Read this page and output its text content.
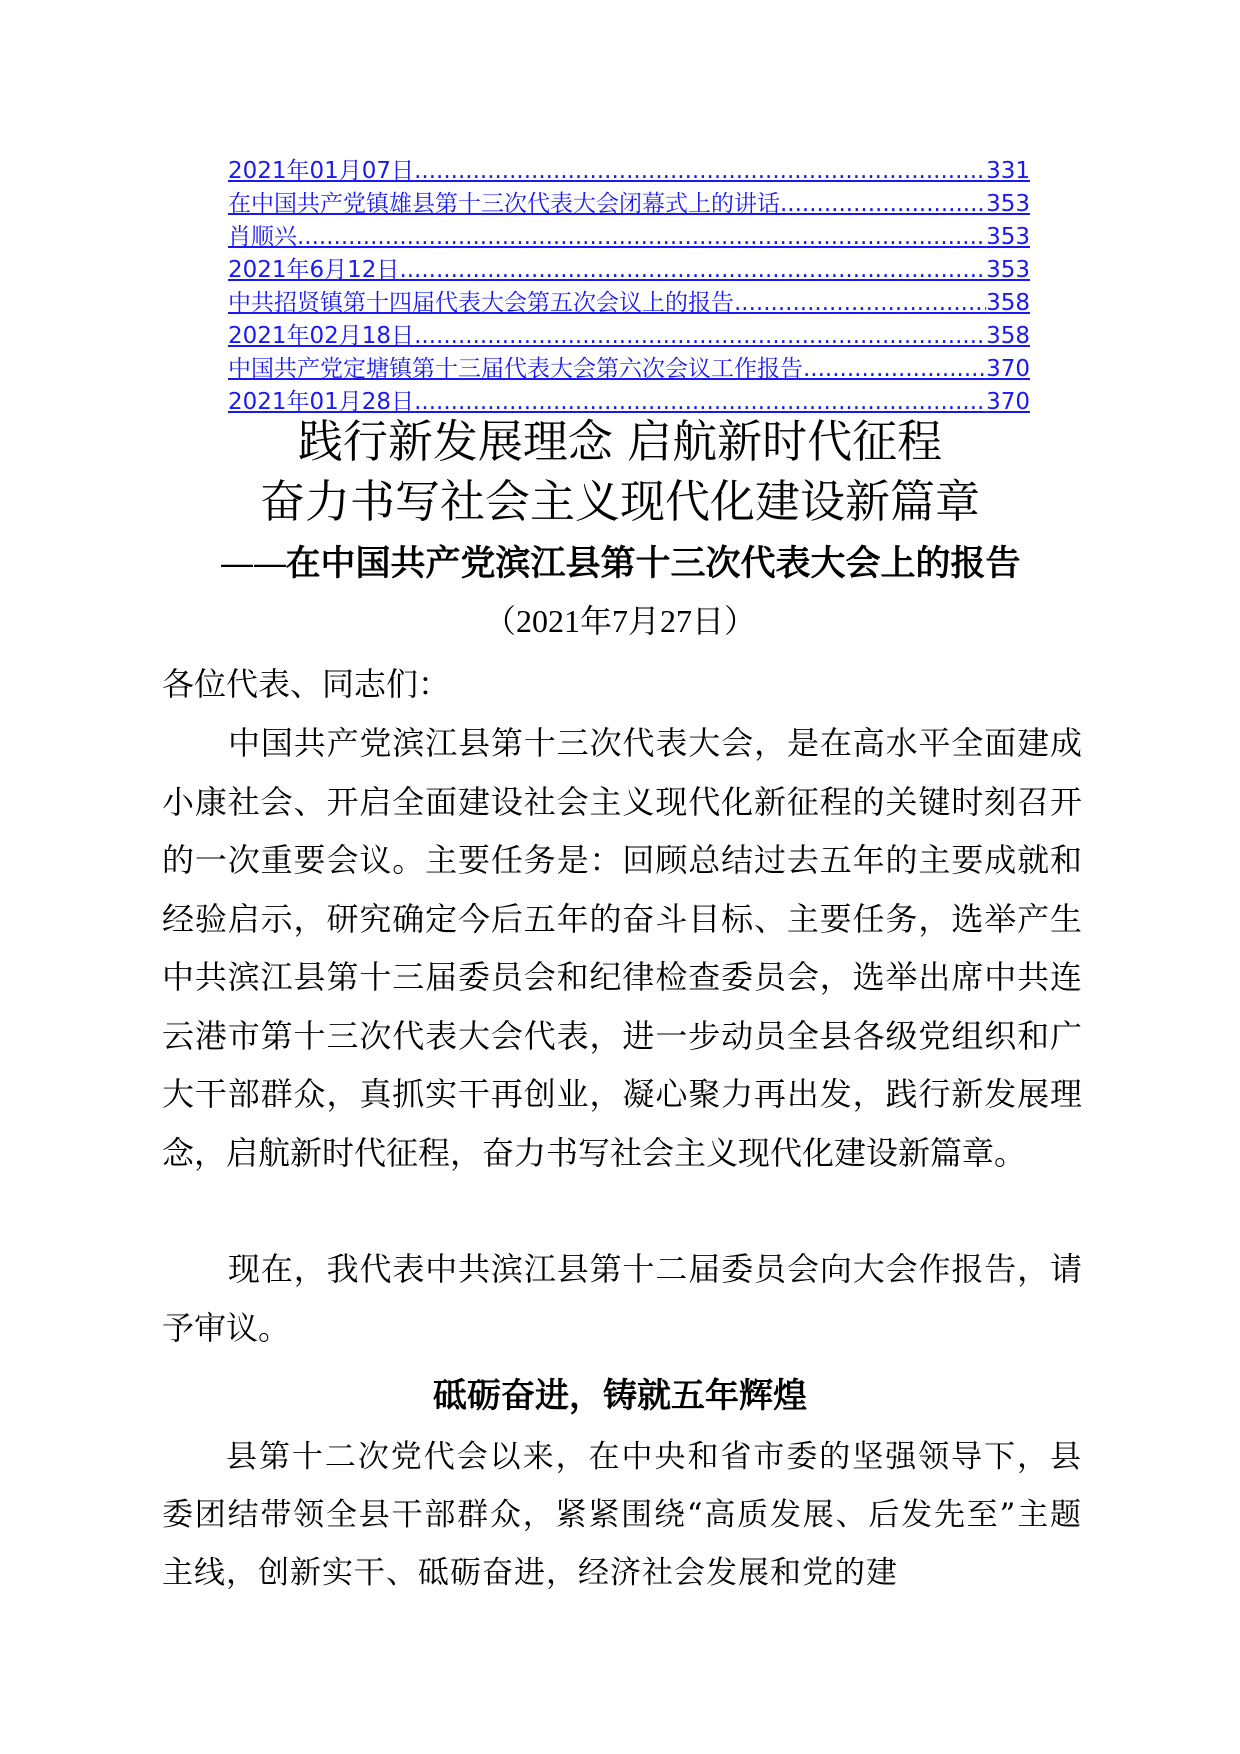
2021年01月07日 .....	331
在中国共产党镇雄县第十三次代表大会闭幕式上的讲话 .....	353
肖顺兴 .....	353
2021年6月12日 .....	353
中共招贤镇第十四届代表大会第五次会议上的报告 .....	358
2021年02月18日 .....	358
中国共产党定塘镇第十三届代表大会第六次会议工作报告 .....	370
2021年01月28日 .....	370
践行新发展理念 启航新时代征程
奋力书写社会主义现代化建设新篇章
——在中国共产党滨江县第十三次代表大会上的报告
（2021年7月27日）
各位代表、同志们：
中国共产党滨江县第十三次代表大会，是在高水平全面建成小康社会、开启全面建设社会主义现代化新征程的关键时刻召开的一次重要会议。主要任务是：回顾总结过去五年的主要成就和经验启示，研究确定今后五年的奋斗目标、主要任务，选举产生中共滨江县第十三届委员会和纪律检查委员会，选举出席中共连云港市第十三次代表大会代表，进一步动员全县各级党组织和广大干部群众，真抓实干再创业，凝心聚力再出发，践行新发展理念，启航新时代征程，奋力书写社会主义现代化建设新篇章。
现在，我代表中共滨江县第十二届委员会向大会作报告，请予审议。
砥砺奋进，铸就五年辉煌
县第十二次党代会以来，在中央和省市委的坚强领导下，县委团结带领全县干部群众，紧紧围绕“高质发展、后发先至”主题主线，创新实干、砥砺奋进，经济社会发展和党的建
